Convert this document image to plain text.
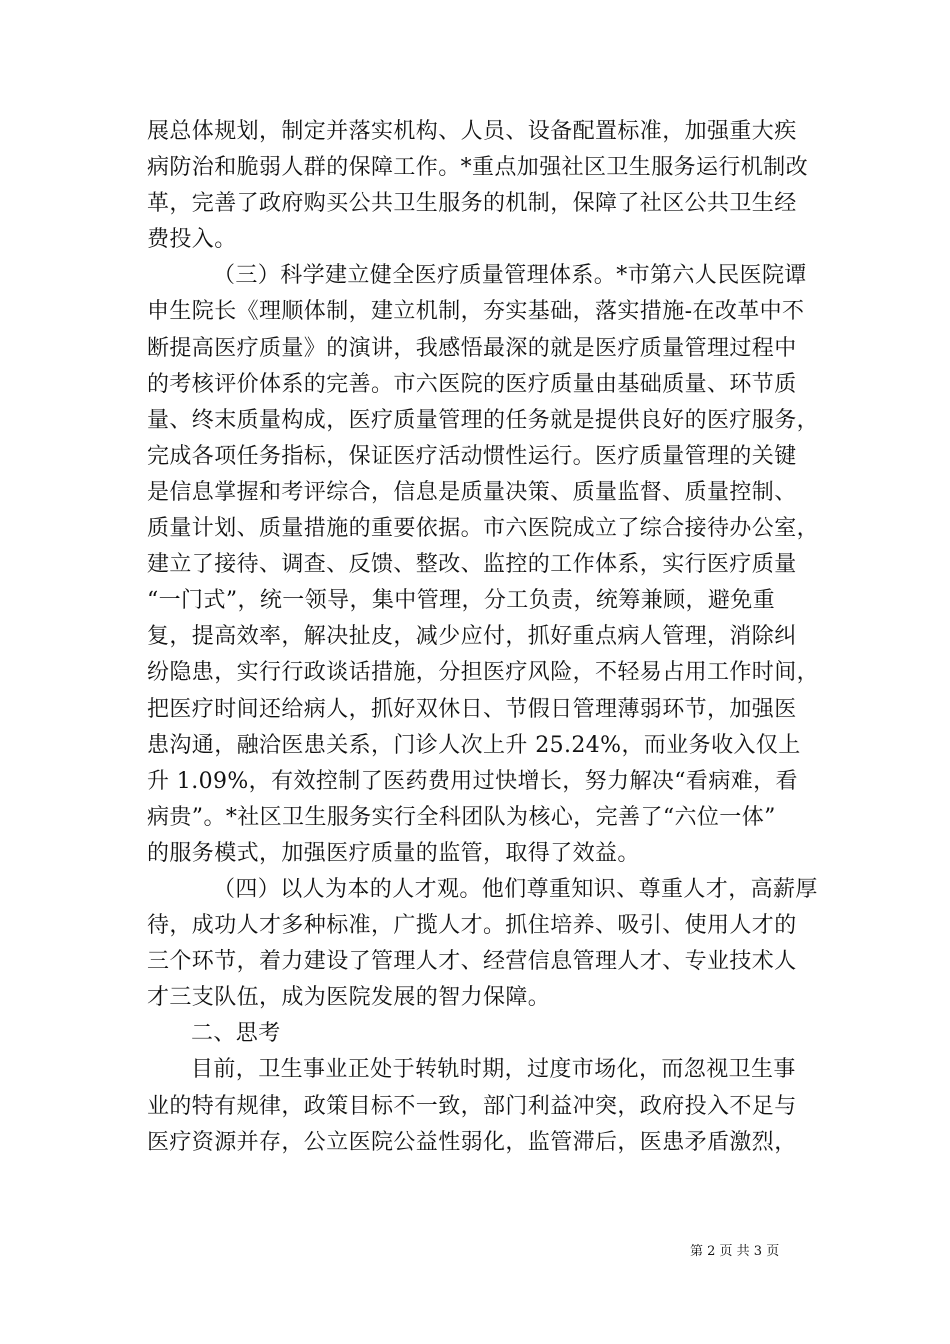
展总体规划，制定并落实机构、人员、设备配置标准，加强重大疾
病防治和脆弱人群的保障工作。*重点加强社区卫生服务运行机制改
革，完善了政府购买公共卫生服务的机制，保障了社区公共卫生经
费投入。
（三）科学建立健全医疗质量管理体系。*市第六人民医院谭
申生院长《理顺体制，建立机制，夯实基础，落实措施-在改革中不
断提高医疗质量》的演讲，我感悟最深的就是医疗质量管理过程中
的考核评价体系的完善。市六医院的医疗质量由基础质量、环节质
量、终末质量构成，医疗质量管理的任务就是提供良好的医疗服务，
完成各项任务指标，保证医疗活动惯性运行。医疗质量管理的关键
是信息掌握和考评综合，信息是质量决策、质量监督、质量控制、
质量计划、质量措施的重要依据。市六医院成立了综合接待办公室，
建立了接待、调查、反馈、整改、监控的工作体系，实行医疗质量
“一门式”，统一领导，集中管理，分工负责，统筹兼顾，避免重
复，提高效率，解决扯皮，减少应付，抓好重点病人管理，消除纠
纷隐患，实行行政谈话措施，分担医疗风险，不轻易占用工作时间，
把医疗时间还给病人，抓好双休日、节假日管理薄弱环节，加强医
患沟通，融洽医患关系，门诊人次上升 25.24%，而业务收入仅上
升 1.09%，有效控制了医药费用过快增长，努力解决“看病难，看
病贵”。*社区卫生服务实行全科团队为核心，完善了“六位一体”
的服务模式，加强医疗质量的监管，取得了效益。
（四）以人为本的人才观。他们尊重知识、尊重人才，高薪厚
待，成功人才多种标准，广揽人才。抓住培养、吸引、使用人才的
三个环节，着力建设了管理人才、经营信息管理人才、专业技术人
才三支队伍，成为医院发展的智力保障。
二、思考
目前，卫生事业正处于转轨时期，过度市场化，而忽视卫生事
业的特有规律，政策目标不一致，部门利益冲突，政府投入不足与
医疗资源并存，公立医院公益性弱化，监管滞后，医患矛盾激烈，
第 2 页 共 3 页
